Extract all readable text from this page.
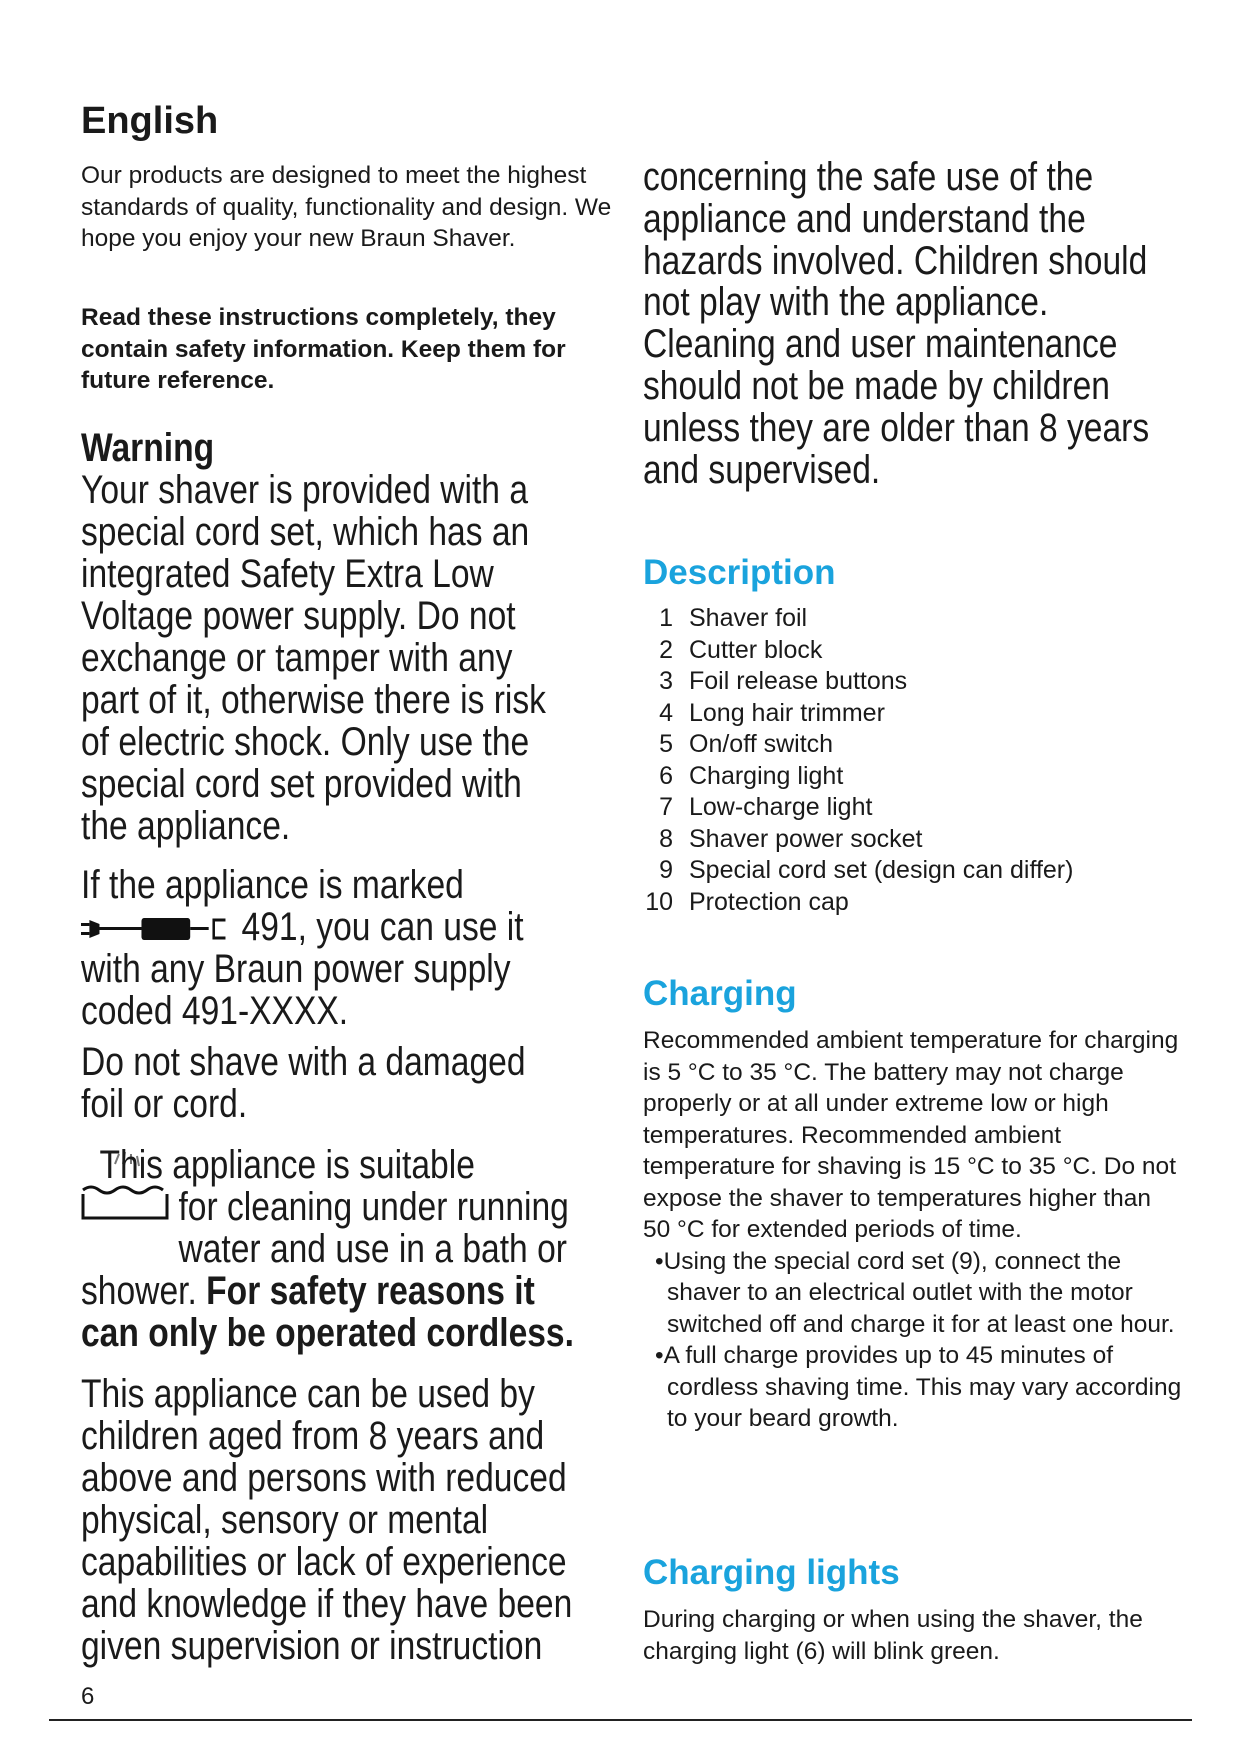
English

Our products are designed to meet the highest standards of quality, functionality and design. We hope you enjoy your new Braun Shaver.

Read these instructions completely, they contain safety information. Keep them for future reference.

Warning

Your shaver is provided with a special cord set, which has an integrated Safety Extra Low Voltage power supply. Do not exchange or tamper with any part of it, otherwise there is risk of electric shock. Only use the special cord set provided with the appliance.

If the appliance is marked

491, you can use it

with any Braun power supply

coded 491-XXXX.

Do not shave with a damaged foil or cord.

This appliance is suitable

for cleaning under running

water and use in a bath or

shower. For safety reasons it

can only be operated cordless.

This appliance can be used by children aged from 8 years and above and persons with reduced physical, sensory or mental capabilities or lack of experience and knowledge if they have been given supervision or instruction

6

concerning the safe use of the appliance and understand the hazards involved. Children should not play with the appliance. Cleaning and user maintenance should not be made by children unless they are older than 8 years and supervised.

Description
1 Shaver foil
2 Cutter block
3 Foil release buttons
4 Long hair trimmer
5 On/off switch
6 Charging light
7 Low-charge light
8 Shaver power socket
9 Special cord set (design can differ)
10 Protection cap
Charging

Recommended ambient temperature for charging is 5 °C to 35 °C. The battery may not charge properly or at all under extreme low or high temperatures. Recommended ambient temperature for shaving is 15 °C to 35 °C. Do not expose the shaver to temperatures higher than 50 °C for extended periods of time.

•Using the special cord set (9), connect the shaver to an electrical outlet with the motor switched off and charge it for at least one hour.

•A full charge provides up to 45 minutes of cordless shaving time. This may vary according to your beard growth.

Charging lights

During charging or when using the shaver, the charging light (6) will blink green.
